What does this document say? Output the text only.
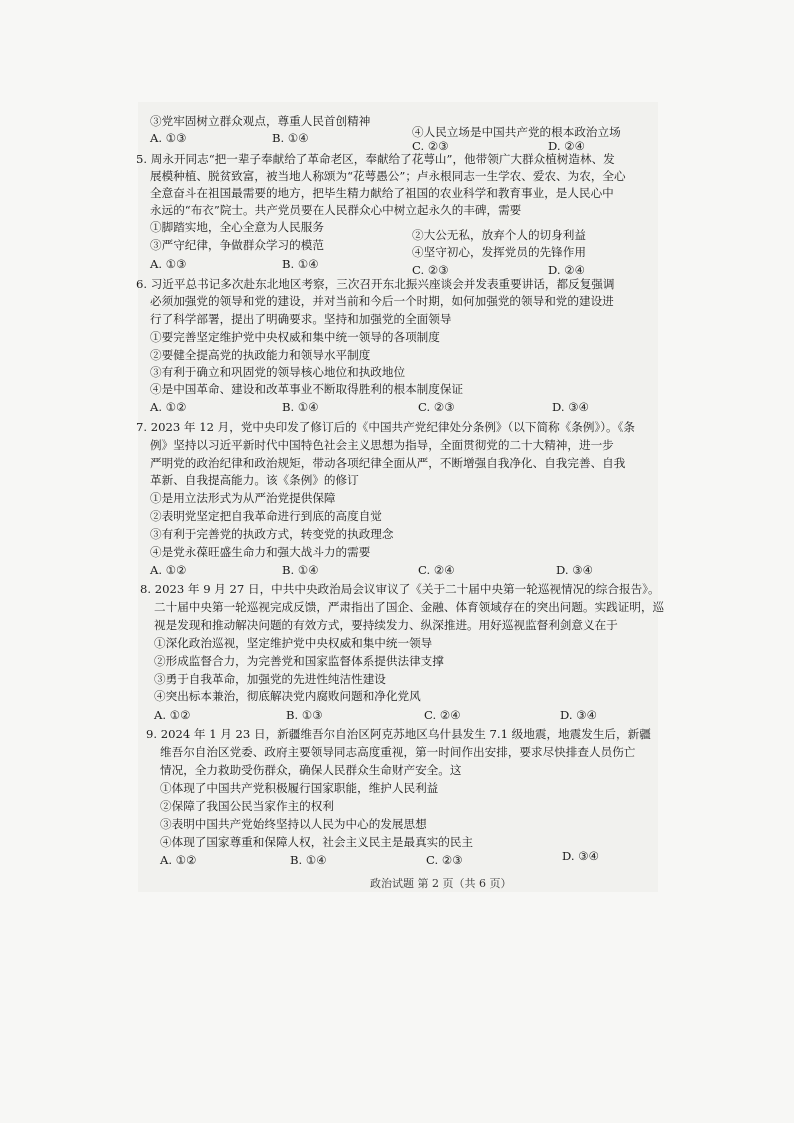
③党牢固树立群众观点，尊重人民首创精神
A. ①③	B. ①④	④人民立场是中国共产党的根本政治立场
C. ②③	D. ②④
5. 周永开同志“把一辈子奉献给了革命老区，奉献给了花萼山”，他带领广大群众植树造林、发
展模种植、脱贫致富，被当地人称颂为“花萼愚公”；卢永根同志一生学农、爱农、为农，全心
全意奋斗在祖国最需要的地方，把毕生精力献给了祖国的农业科学和教育事业，是人民心中
永远的“布衣”院士。共产党员要在人民群众心中树立起永久的丰碑，需要
①脚踏实地，全心全意为人民服务
②大公无私，放弃个人的切身利益
③严守纪律，争做群众学习的模范	④坚守初心，发挥党员的先锋作用
A. ①③	B. ①④	C. ②③	D. ②④
6. 习近平总书记多次赴东北地区考察，三次召开东北振兴座谈会并发表重要讲话，都反复强调
必须加强党的领导和党的建设，并对当前和今后一个时期，如何加强党的领导和党的建设进
行了科学部署，提出了明确要求。坚持和加强党的全面领导
①要完善坚定维护党中央权威和集中统一领导的各项制度
②要健全提高党的执政能力和领导水平制度
③有利于确立和巩固党的领导核心地位和执政地位
④是中国革命、建设和改革事业不断取得胜利的根本制度保证
A. ①②	B. ①④	C. ②③	D. ③④
7. 2023 年 12 月，党中央印发了修订后的《中国共产党纪律处分条例》（以下简称《条例》）。《条
例》坚持以习近平新时代中国特色社会主义思想为指导，全面贯彻党的二十大精神，进一步
严明党的政治纪律和政治规矩，带动各项纪律全面从严，不断增强自我净化、自我完善、自我
革新、自我提高能力。该《条例》的修订
①是用立法形式为从严治党提供保障
②表明党坚定把自我革命进行到底的高度自觉
③有利于完善党的执政方式，转变党的执政理念
④是党永葆旺盛生命力和强大战斗力的需要
A. ①②	B. ①④	C. ②④	D. ③④
8. 2023 年 9 月 27 日，中共中央政治局会议审议了《关于二十届中央第一轮巡视情况的综合报告》。
二十届中央第一轮巡视完成反馈，严肃指出了国企、金融、体育领域存在的突出问题。实践证明，巡
视是发现和推动解决问题的有效方式，要持续发力、纵深推进。用好巡视监督利剑意义在于
①深化政治巡视，坚定维护党中央权威和集中统一领导
②形成监督合力，为完善党和国家监督体系提供法律支撑
③勇于自我革命，加强党的先进性纯洁性建设
④突出标本兼治，彻底解决党内腐败问题和净化党风
A. ①②	B. ①③	C. ②④	D. ③④
9. 2024 年 1 月 23 日，新疆维吾尔自治区阿克苏地区乌什县发生 7.1 级地震，地震发生后，新疆
维吾尔自治区党委、政府主要领导同志高度重视，第一时间作出安排，要求尽快排查人员伤亡
情况，全力救助受伤群众，确保人民群众生命财产安全。这
①体现了中国共产党积极履行国家职能，维护人民利益
②保障了我国公民当家作主的权利
③表明中国共产党始终坚持以人民为中心的发展思想
④体现了国家尊重和保障人权，社会主义民主是最真实的民主
A. ①②	B. ①④	C. ②③	D. ③④
政治试题 第 2 页（共 6 页）
